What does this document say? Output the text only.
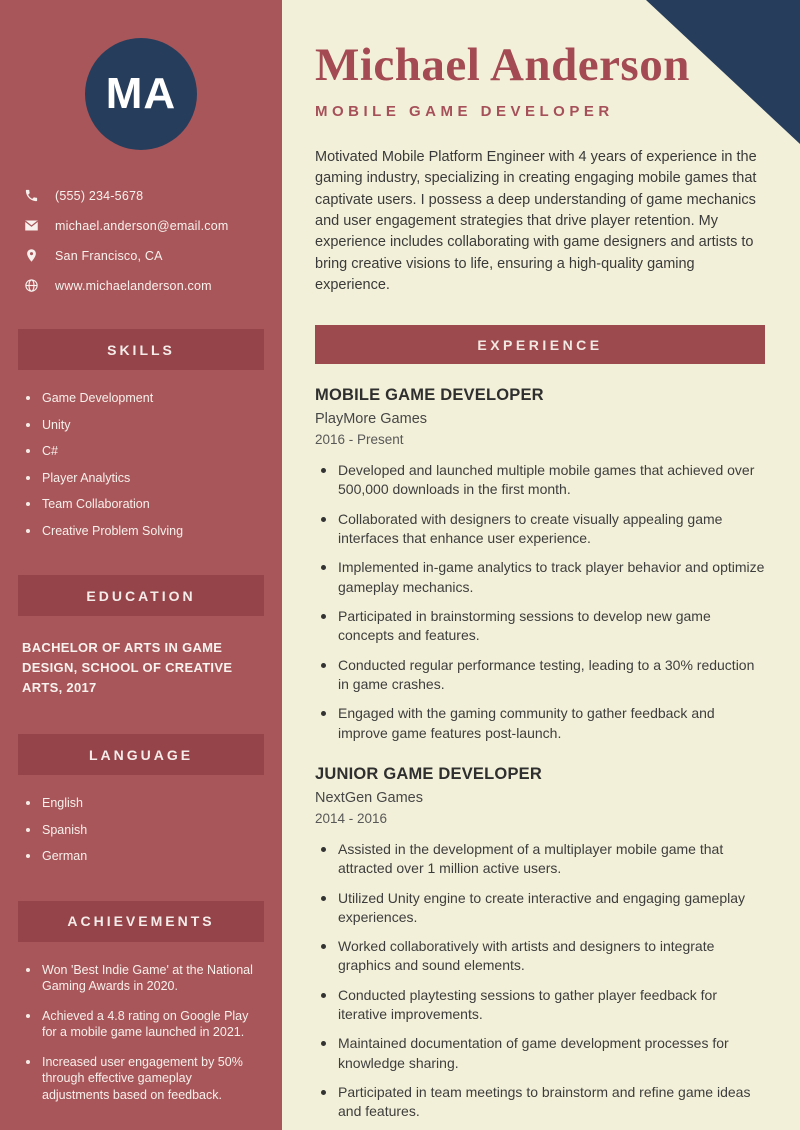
MA
(555) 234-5678
michael.anderson@email.com
San Francisco, CA
www.michaelanderson.com
SKILLS
Game Development
Unity
C#
Player Analytics
Team Collaboration
Creative Problem Solving
EDUCATION
BACHELOR OF ARTS IN GAME DESIGN, SCHOOL OF CREATIVE ARTS, 2017
LANGUAGE
English
Spanish
German
ACHIEVEMENTS
Won 'Best Indie Game' at the National Gaming Awards in 2020.
Achieved a 4.8 rating on Google Play for a mobile game launched in 2021.
Increased user engagement by 50% through effective gameplay adjustments based on feedback.
Michael Anderson
MOBILE GAME DEVELOPER

Motivated Mobile Platform Engineer with 4 years of experience in the gaming industry, specializing in creating engaging mobile games that captivate users. I possess a deep understanding of game mechanics and user engagement strategies that drive player retention. My experience includes collaborating with game designers and artists to bring creative visions to life, ensuring a high-quality gaming experience.

EXPERIENCE
MOBILE GAME DEVELOPER
PlayMore Games
2016 - Present
Developed and launched multiple mobile games that achieved over 500,000 downloads in the first month.
Collaborated with designers to create visually appealing game interfaces that enhance user experience.
Implemented in-game analytics to track player behavior and optimize gameplay mechanics.
Participated in brainstorming sessions to develop new game concepts and features.
Conducted regular performance testing, leading to a 30% reduction in game crashes.
Engaged with the gaming community to gather feedback and improve game features post-launch.
JUNIOR GAME DEVELOPER
NextGen Games
2014 - 2016
Assisted in the development of a multiplayer mobile game that attracted over 1 million active users.
Utilized Unity engine to create interactive and engaging gameplay experiences.
Worked collaboratively with artists and designers to integrate graphics and sound elements.
Conducted playtesting sessions to gather player feedback for iterative improvements.
Maintained documentation of game development processes for knowledge sharing.
Participated in team meetings to brainstorm and refine game ideas and features.
